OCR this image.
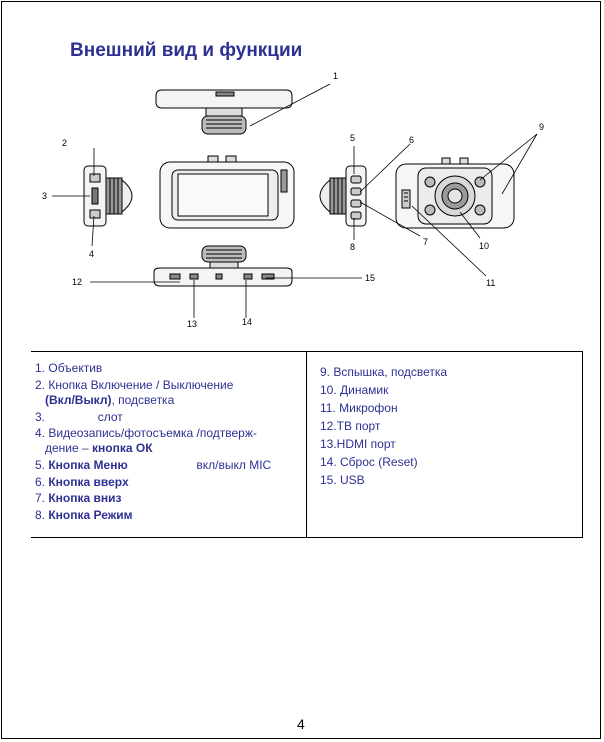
Внешний вид и функции
1
2
3
4
5	6
7
8
9
10
11
12
13	14
15
1. Объектив
2. Кнопка Включение / Выключение
(Вкл/Выкл), подсветка
3.	слот
4. Видеозапись/фотосъемка /подтверж-
дение – кнопка ОК
5. Кнопка Меню	вкл/выкл MIC
6. Кнопка вверх
7. Кнопка вниз
8. Кнопка Режим
9. Вспышка, подсветка
10. Динамик
11. Микрофон
12.ТВ порт
13.HDMI порт
14. Сброс (Reset)
15. USB
4
